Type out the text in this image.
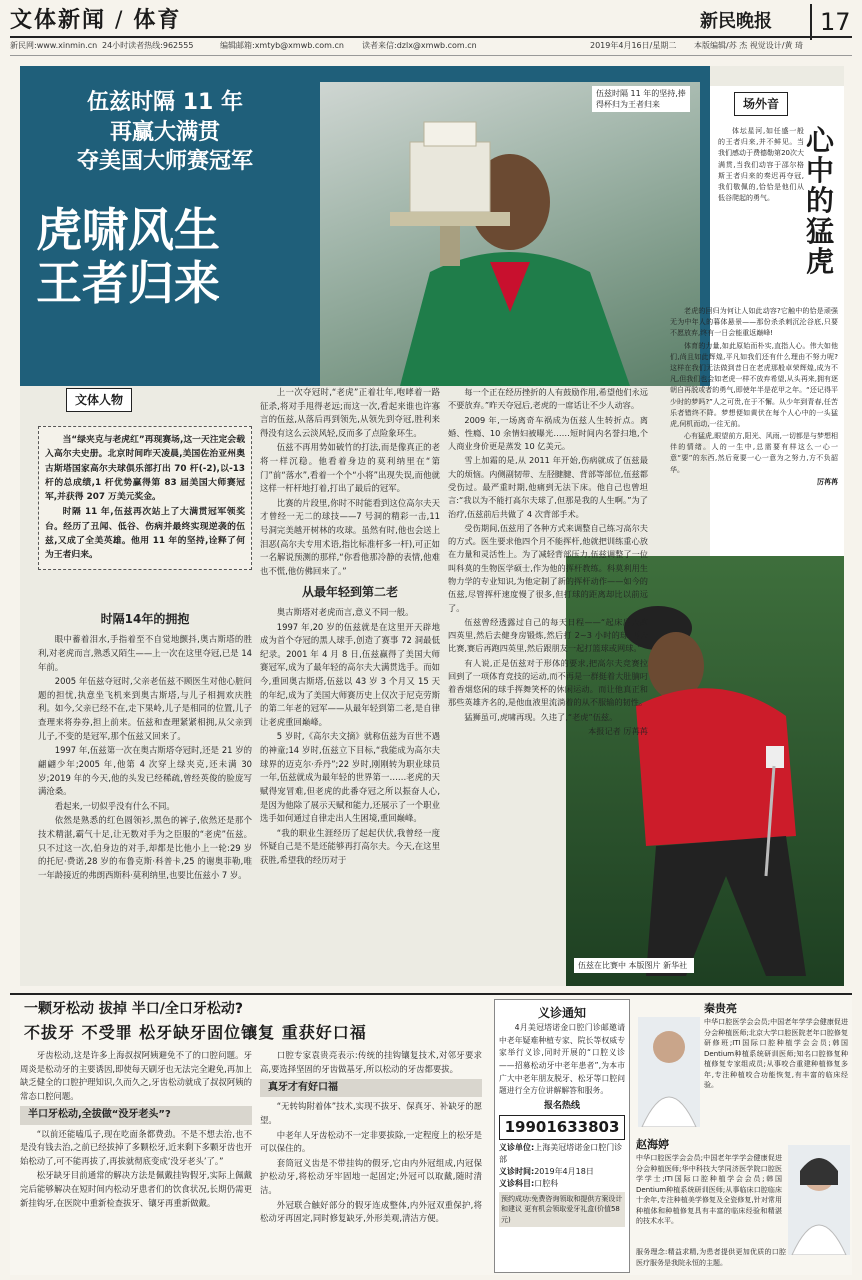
文体新闻 / 体育	新民晚报	17
新民网:www.xinmin.cn 24小时读者热线:962555	编辑邮箱:xmtyb@xmwb.com.cn 读者来信:dzlx@xmwb.com.cn	2019年4月16日/星期二 本版编辑/苏 杰 视觉设计/黄 琦
伍兹时隔 11 年的坚持,捧得杯归为王者归来
伍兹时隔 11 年
再赢大满贯
夺美国大师赛冠军
虎啸风生
王者归来
场外音
心中的猛虎

体坛星河,如任盛一般的王者归来,并不鲜见。当我们感动于费德勒第20次大满贯,当我们动容于邵尔格斯王者归来的奏迟再夺冠,我们敬佩的,恰恰是他们从低谷爬起的勇气。

老虎的回归为何让人如此动容?它触中的恰是顽强无为中年人的暮体悬景——那份杀杀刺沉沦谷底,只要不愿放弃,终有一日会能重返巅峰!

体育的力量,如此原始而朴实,直指人心。伟大如他们,尚且如此辉煌,平凡如我们还有什么理由不努力呢?这样在我们无法做到昔日在老虎那般卓荣辉煌,成为不凡,但我们也会如老虎一样不放弃希望,从头再来,拥有逐朝自再脱或者的勇气,即使年半是花甲之年。“还记得平少时的梦吗?”人之可贵,在于不懈。从少年到青春,任苦乐者错终不降。梦想便如黄伏在每个人心中的一头猛虎,伺机而动,一往无前。

心有猛虎,眼望前方,阳光、风雨,一切都是与梦想相伴的情绪。人的一生中,总需要有样这么一心一意“要”的东西,然后竟要一心一意为之努力,方不负韶华。

厉苒苒

伍兹在比赛中 本版图片 新华社
文体人物

当“绿夹克与老虎红”再现赛场,这一天注定会载入高尔夫史册。北京时间昨天凌晨,美国佐治亚州奥古斯塔国家高尔夫球俱乐部打出 70 杆(-2),以-13 杆的总成绩,1 杆优势赢得第 83 届美国大师赛冠军,并获得 207 万美元奖金。

时隔 11 年,伍兹再次站上了大满贯冠军领奖台。经历了丑闻、低谷、伤病并最终实现逆袭的伍兹,又成了全美英雄。他用 11 年的坚持,诠释了何为王者归来。

时隔14年的拥抱

眼中蓄着泪水,手指着至不自觉地颤抖,奥古斯塔的胜利,对老虎而言,熟悉又陌生——上一次在这里夺冠,已是 14 年前。

2005 年伍兹夺冠时,父亲老伍兹不顾医生对他心脏问题的担忧,执意坐飞机来到奥古斯塔,与儿子相拥欢庆胜利。如今,父亲已经不在,走下果岭,儿子是相同的位置,儿子查理来将券券,担上前来。伍兹和查理紧紧相拥,从父亲到儿子,不变的是冠军,那个伍兹又回来了。

1997 年,伍兹第一次在奥古斯塔夺冠时,还是 21 岁的翩翩少年;2005 年,他第 4 次穿上绿夹克,还未满 30 岁;2019 年的今天,他的头发已经稀疏,曾经英俊的脸庞写满沧桑。

看起来,一切似乎没有什么不同。

依然是熟悉的红色圆领衫,黑色的裤子,依然还是那个技术精湛,霸气十足,让无数对手为之臣服的“老虎”伍兹。只不过这一次,伯身边的对手,却都是比他小上一轮:29 岁的托尼·费诺,28 岁的布鲁克斯·科普卡,25 的谢奥菲勒,唯一年龄接近的弗朗西斯科·莫利纳里,也要比伍兹小 7 岁。

上一次夺冠时,“老虎”正着壮年,咆哮着一路征杀,将对手甩得老远;而这一次,看起来谁也许寡言的伍兹,从落后再到领先,从领先到夺冠,胜利来得没有这么云淡风轻,反而多了点险象环生。

伍兹不再用势如破竹的打法,而是像真正的老将一样沉稳。他看着身边的莫利纳里在“第门”前“落水”,看着一个个“小将”出现失误,而他就这样一杆杆地打着,打出了最后的冠军。

比赛的片段里,你时不时能看到这位高尔夫天才曾经一无二的球技——7 号洞的精彩一击,11 号洞完美越开树林的攻球。虽然有时,他也会送上泪恶(高尔夫专用术语,指比标准杆多一杆),可正如一名解说预测的那样,“你看他那冷静的表情,他难也不慌,他仿佛回来了。”

从最年轻到第二老

奥古斯塔对老虎而言,意义不同一般。

1997 年,20 岁的伍兹就是在这里开天辟地成为首个夺冠的黑人球手,创造了赛事 72 洞最低纪录。2001 年 4 月 8 日,伍兹赢得了美国大师赛冠军,成为了最年轻的高尔夫大满贯选手。而如今,重回奥古斯塔,伍兹以 43 岁 3 个月又 15 天的年纪,成为了美国大师赛历史上仅次于尼克劳斯的第二年老的冠军——从最年轻到第二老,是自律让老虎重回巅峰。

5 岁时,《高尔夫文摘》就称伍兹为百世不遇的神童;14 岁时,伍兹立下目标,“我能成为高尔夫球界的迈克尔·乔丹”;22 岁时,刚刚转为职业球员一年,伍兹就成为最年轻的世界第一……老虎的天赋得宠冒难,但老虎的此番夺冠之所以振奋人心,是因为他除了展示天赋和能力,还展示了一个职业选手如何通过自律走出人生困境,重回巅峰。

“我的职业生涯经历了起起伏伏,我曾经一度怀疑自己是不是还能够再打高尔夫。今天,在这里获胜,希望我的经历对于

每一个正在经历挫折的人有鼓励作用,希望他们永远不要放弃。”昨天夺冠后,老虎的一席话让不少人动容。

2009 年,一场离奇车祸成为伍兹人生转折点。离婚、性瘾、10 余情妇被曝光……短时间内名誉扫地,个人商业身价更是蒸发 10 亿美元。

雪上加霜的是,从 2011 年开始,伤病就成了伍兹最大的烦恼。内侧副韧带、左胫腱腱、背部等部位,伍兹都受伤过。最严重时期,他痛到无法下床。他自己也曾坦言:“我以为不能打高尔夫球了,但那是我的人生啊。”为了治疗,伍兹前后共做了 4 次背部手术。

受伤期间,伍兹用了各种方式来调整自己练习高尔夫的方式。医生要求他四个月不能挥杆,他就把训练重心放在力量和灵活性上。为了减轻背部压力,伍兹调整了一位叫科莫的生物医学硕士,作为他的挥杆教练。科莫利用生物力学的专业知识,为他定制了新的挥杆动作——如今的伍兹,尽管挥杆速度慢了很多,但打球的距离却比以前远了。

伍兹曾经透露过自己的每天日程——“起床后去跑四英里,然后去健身房锻炼,然后打 2~3 小时的球,再去比赛,赛后再跑四英里,然后跟朋友一起打篮球或网球。”

有人说,正是伍兹对于形体的要求,把高尔夫竞赛拉回到了一项体育竞技的运动,而不再是一群挺着大肚腩叼着香烟悠闲的球手挥舞笑杯的休闲运动。而让他真正和那些英雄齐名的,是他血液里流淌着的从不服输的韧性。

猛狮虽可,虎啸再现。久违了,“老虎”伍兹。

本报记者 厉苒苒

一颗牙松动 拔掉 半口/全口牙松动?
不拔牙 不受罪 松牙缺牙固位镶复 重获好口福

牙齿松动,这是许多上海叔叔阿姨避免不了的口腔问题。牙周炎是松动牙的主要诱因,即使每天刷牙也无法完全避免,再加上缺乏健全的口腔护理知识,久而久之,牙齿松动就成了叔叔阿姨的常态口腔问题。

半口牙松动,全拔做“没牙老头”?

“以前还能嗑瓜子,现在吃面条都费劲。不是不想去治,也不是没有钱去治,之前已经拔掉了多颗松牙,近来剩下多颗牙齿也开始松动了,可不能再拔了,再拔就彻底变成‘没牙老头’了。”

松牙缺牙目前通常的解决方法是佩戴挂钩假牙,实际上佩戴完后能够解决在短时间内松动牙患者们的饮食状况,长期仍需更新挂钩牙,在医院中重新检查拔牙、镶牙再重新做戴。

口腔专家袁贵亮表示:传统的挂钩镶复技术,对邻牙要求高,要选择坚固的牙齿做基牙,所以松动的牙齿都要拔。

真牙才有好口福

“无转钩附着体”技术,实现不拔牙、保真牙、补缺牙的愿望。

中老年人牙齿松动不一定非要拔除,一定程度上的松牙是可以保住的。

套筒冠义齿是不带挂钩的假牙,它由内外冠组成,内冠保护松动牙,将松动牙牢固地一起固定;外冠可以取戴,随时清洁。

外冠联合触好部分的假牙连成整体,内外冠双重保护,将松动牙再固定,同时修复缺牙,外形美观,清洁方便。

义诊通知

4月美冠塔诺金口腔门诊邮邀请中老年疑难种植专家、院长等权威专家举行义诊,同时开展的“口腔义诊——招募松动牙中老年患者”,为本市广大中老年朋友脱牙、松牙等口腔问题进行全方位讲解解答和服务。

报名热线
19901633803
义诊单位:上海美冠塔诺金口腔门诊部
义诊时间:2019年4月18日
义诊科目:口腔科
预约成功:免费咨询领取和提供方案设计和建议 更有机会领取爱牙礼盒(价值58元)
秦贵亮
中华口腔医学会会员;中国老年学学会健康促进分会种植医师;北京大学口腔医院老年口腔修复研修班;ITI国际口腔种植学会会员;韩国Dentium种植系统研训医师;知名口腔修复种植修复专家组成员;从事咬合重建种植修复多年,专注种植咬合功能恢复,有丰富的临床经验。
赵海婷
中华口腔医学会会员;中国老年学学会健康促进分会种植医师;华中科技大学同济医学院口腔医学学士;ITI国际口腔种植学会会员;韩国Dentium种植系统研训医师;从事临床口腔临床十余年,专注种植美学修复及全瓷修复,针对常用种植体和种植修复具有丰富的临床经验和精湛的技术水平。
服务理念:精益求精,为患者提供更加优质的口腔医疗服务是我院永恒的主题。
